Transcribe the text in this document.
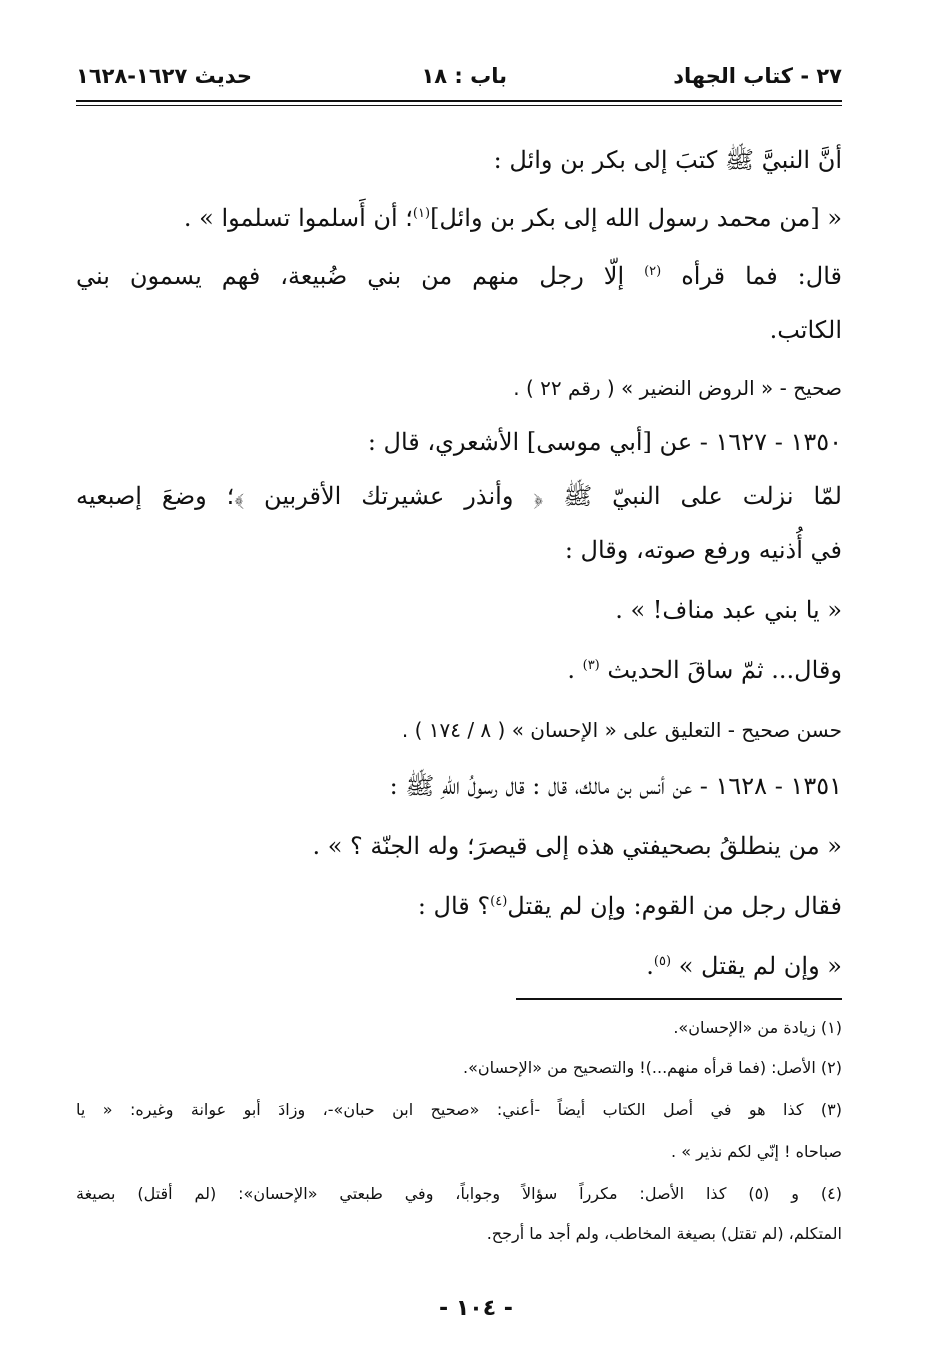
٢٧ - كتاب الجهاد
باب : ١٨
حديث ١٦٢٧-١٦٢٨
أنَّ النبيَّ ﷺ كتبَ إلى بكر بن وائل :
« [من محمد رسول الله إلى بكر بن وائل]$^{(١)}$؛ أن أَسلموا تسلموا » .
قال: فما قرأه $^{(٢)}$ إلّا رجل منهم من بني ضُبيعة، فهم يسمون بني
الكاتب.
صحيح - « الروض النضير » ( رقم ٢٢ ) .
١٣٥٠ - ١٦٢٧ - عن [أبي موسى] الأشعري، قال :
لمّا نزلت على النبيّ ﷺ ﴿ وأنذر عشيرتك الأقربين ﴾؛ وضعَ إصبعيه
في أُذنيه ورفع صوته، وقال :
« يا بني عبد مناف! » .
وقال... ثمّ ساقَ الحديث $^{(٣)}$ .
حسن صحيح - التعليق على « الإحسان » ( ٨ / ١٧٤ ) .
١٣٥١ - ١٦٢٨ - عن أنس بن مالك، قال : قال رسولُ اللهِ ﷺ :
« من ينطلقُ بصحيفتي هذه إلى قيصرَ؛ وله الجنّة ؟ » .
فقال رجل من القوم: وإن لم يقتل$^{(٤)}$؟ قال :
« وإن لم يقتل » $^{(٥)}$.
(١) زيادة من «الإحسان».
(٢) الأصل: (فما قرأه منهم...)! والتصحيح من «الإحسان».
(٣) كذا هو في أصل الكتاب أيضاً -أعني: «صحيح ابن حبان»-، وزادَ أبو عوانة وغيره: « يا
صباحاه ! إنّي لكم نذير » .
(٤) و (٥) كذا الأصل: مكرراً سؤالاً وجواباً، وفي طبعتي «الإحسان»: (لم أقتل) بصيغة
المتكلم، (لم تقتل) بصيغة المخاطب، ولم أجد ما أرجح.
- ١٠٤ -
